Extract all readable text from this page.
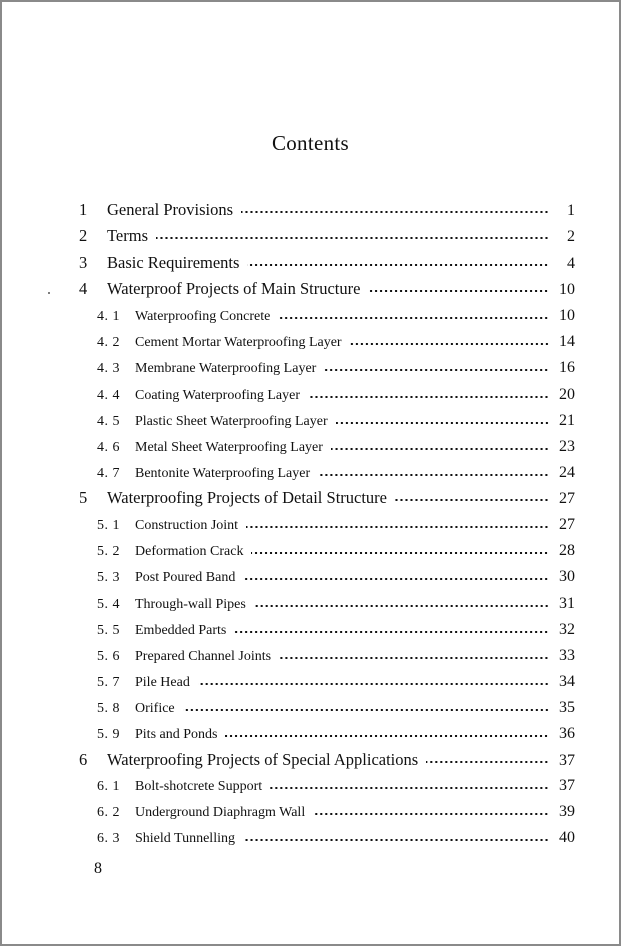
Contents
1	General Provisions	1
2	Terms	2
3	Basic Requirements	4
4	Waterproof Projects of Main Structure	10
4. 1	Waterproofing Concrete	10
4. 2	Cement Mortar Waterproofing Layer	14
4. 3	Membrane Waterproofing Layer	16
4. 4	Coating Waterproofing Layer	20
4. 5	Plastic Sheet Waterproofing Layer	21
4. 6	Metal Sheet Waterproofing Layer	23
4. 7	Bentonite Waterproofing Layer	24
5	Waterproofing Projects of Detail Structure	27
5. 1	Construction Joint	27
5. 2	Deformation Crack	28
5. 3	Post Poured Band	30
5. 4	Through-wall Pipes	31
5. 5	Embedded Parts	32
5. 6	Prepared Channel Joints	33
5. 7	Pile Head	34
5. 8	Orifice	35
5. 9	Pits and Ponds	36
6	Waterproofing Projects of Special Applications	37
6. 1	Bolt-shotcrete Support	37
6. 2	Underground Diaphragm Wall	39
6. 3	Shield Tunnelling	40
8
